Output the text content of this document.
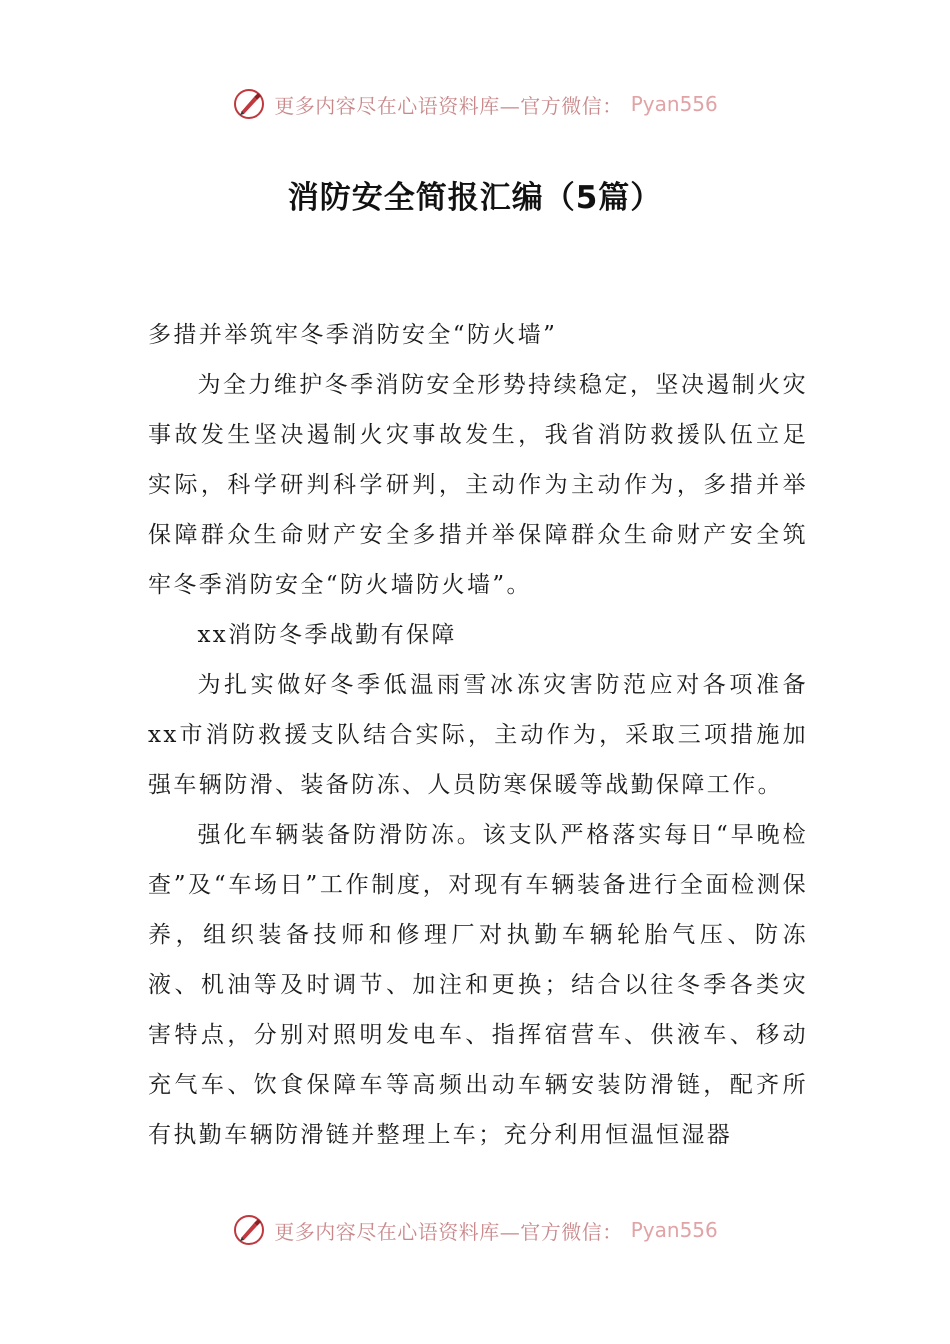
更多内容尽在心语资料库—官方微信： Pyan556
消防安全简报汇编（5篇）

多措并举筑牢冬季消防安全“防火墙”

为全力维护冬季消防安全形势持续稳定，坚决遏制火灾事故发生坚决遏制火灾事故发生，我省消防救援队伍立足实际，科学研判科学研判，主动作为主动作为，多措并举保障群众生命财产安全多措并举保障群众生命财产安全筑牢冬季消防安全“防火墙防火墙”。

xx消防冬季战勤有保障

为扎实做好冬季低温雨雪冰冻灾害防范应对各项准备xx市消防救援支队结合实际，主动作为，采取三项措施加强车辆防滑、装备防冻、人员防寒保暖等战勤保障工作。

强化车辆装备防滑防冻。该支队严格落实每日“早晚检查”及“车场日”工作制度，对现有车辆装备进行全面检测保养，组织装备技师和修理厂对执勤车辆轮胎气压、防冻液、机油等及时调节、加注和更换；结合以往冬季各类灾害特点，分别对照明发电车、指挥宿营车、供液车、移动充气车、饮食保障车等高频出动车辆安装防滑链，配齐所有执勤车辆防滑链并整理上车；充分利用恒温恒湿器

更多内容尽在心语资料库—官方微信： Pyan556
